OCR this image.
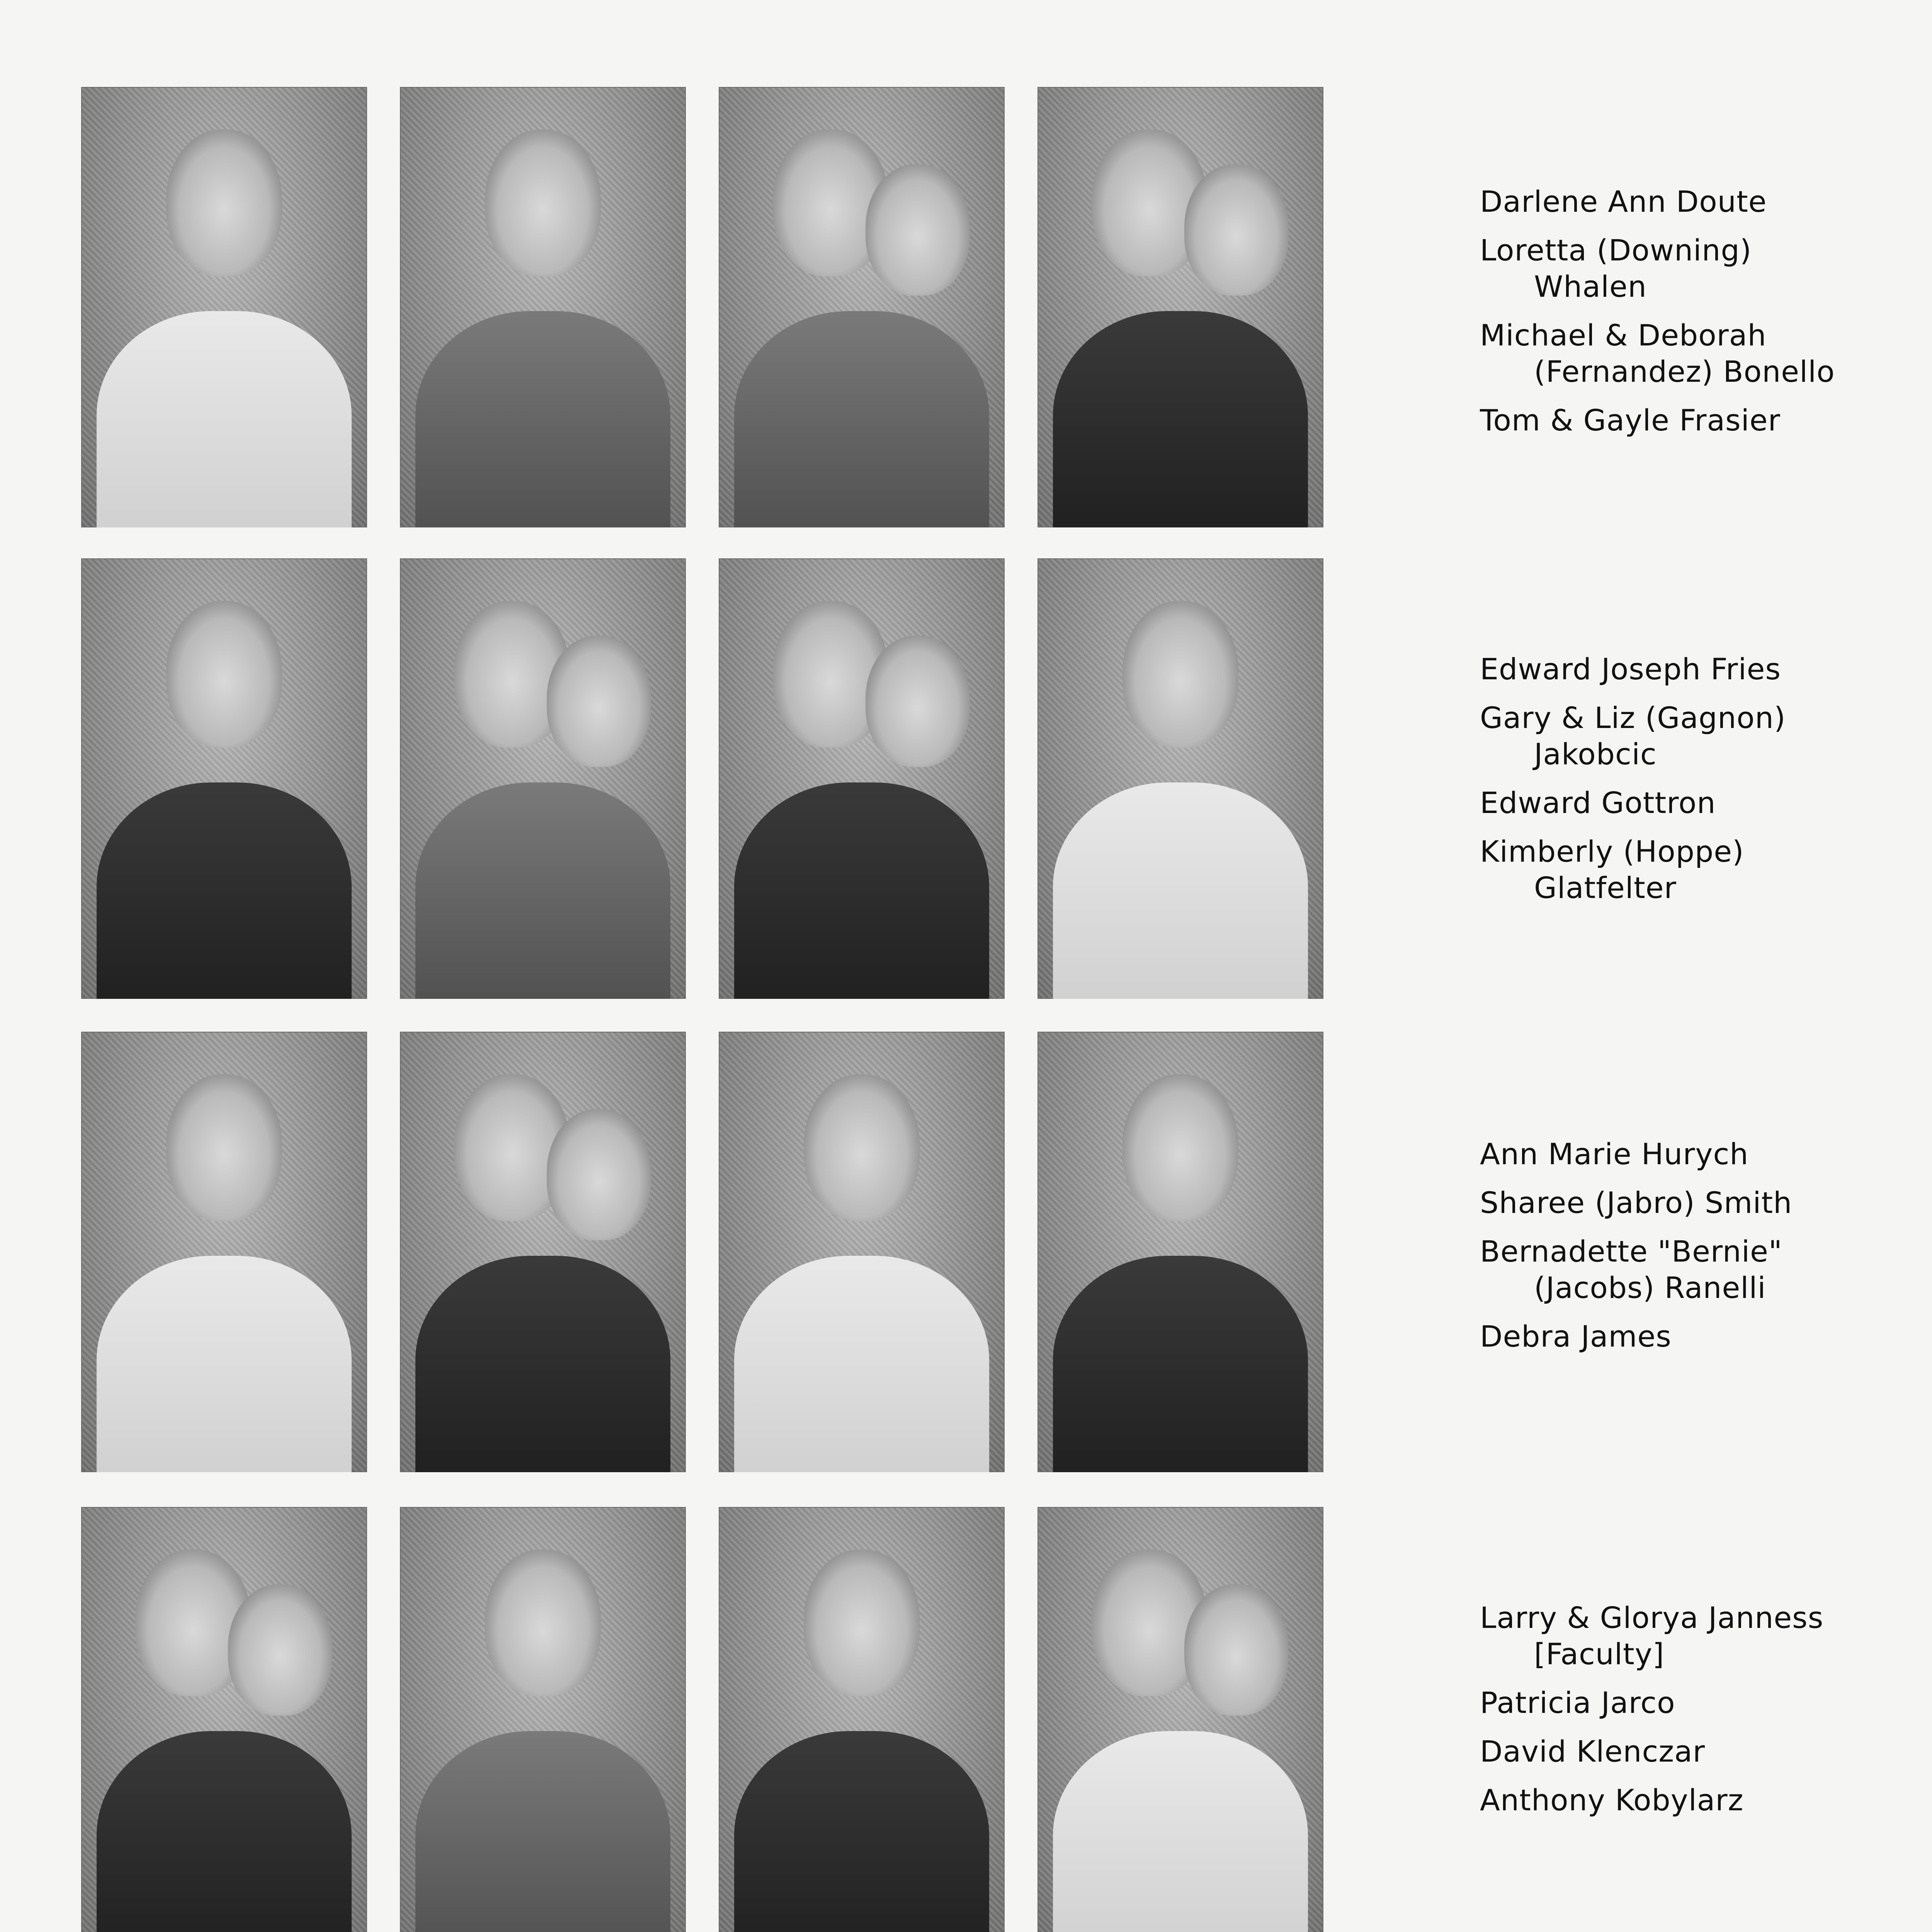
Darlene Ann Doute
Loretta (Downing)
Whalen
Michael & Deborah
(Fernandez) Bonello
Tom & Gayle Frasier
Edward Joseph Fries
Gary & Liz (Gagnon)
Jakobcic
Edward Gottron
Kimberly (Hoppe)
Glatfelter
Ann Marie Hurych
Sharee (Jabro) Smith
Bernadette "Bernie"
(Jacobs) Ranelli
Debra James
Larry & Glorya Janness
[Faculty]
Patricia Jarco
David Klenczar
Anthony Kobylarz
